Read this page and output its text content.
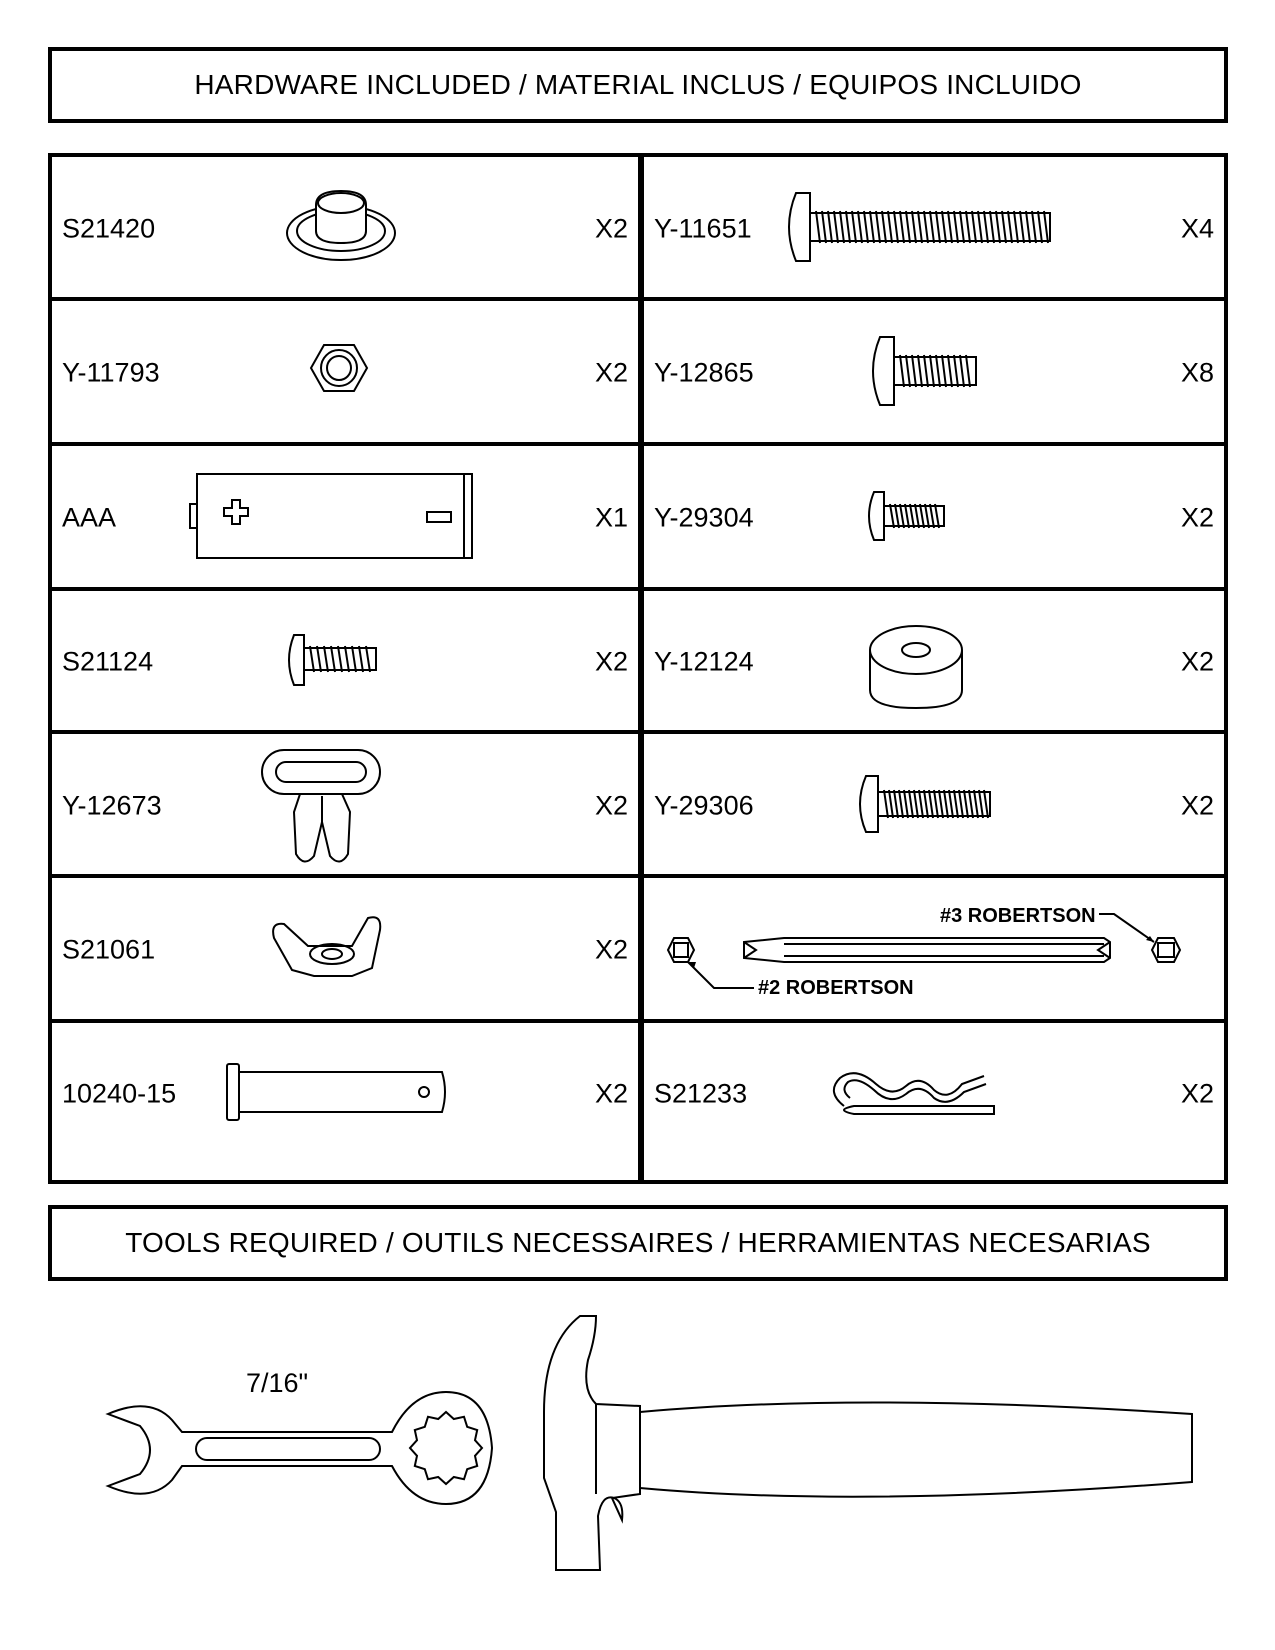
HARDWARE INCLUDED / MATERIAL INCLUS / EQUIPOS INCLUIDO
S21420	X2
Y-11793	X2
AAA	X1
S21124	X2
Y-12673	X2
S21061	X2
10240-15	X2
Y-11651	X4
Y-12865	X8
Y-29304	X2
Y-12124	X2
Y-29306	X2
#3 ROBERTSON
#2 ROBERTSON
S21233	X2
TOOLS REQUIRED / OUTILS NECESSAIRES / HERRAMIENTAS NECESARIAS
7/16"
